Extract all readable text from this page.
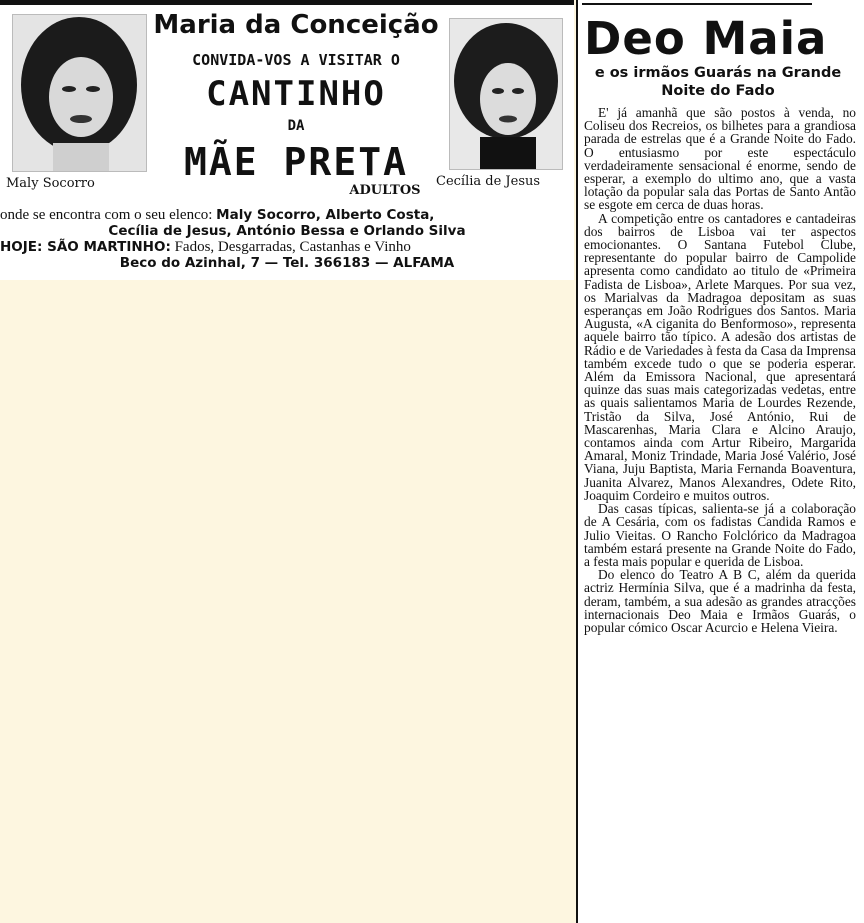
Maly Socorro	Cecília de Jesus
Maria da Conceição
CONVIDA-VOS A VISITAR O
CANTINHO
DA
MÃE PRETA
ADULTOS
onde se encontra com o seu elenco: Maly Socorro, Alberto Costa,
Cecília de Jesus, António Bessa e Orlando Silva
HOJE: SÃO MARTINHO: Fados, Desgarradas, Castanhas e Vinho
Beco do Azinhal, 7 — Tel. 366183 — ALFAMA
Deo Maia
e os irmãos Guarás na Grande Noite do Fado

E' já amanhã que são postos à venda, no Coliseu dos Recreios, os bilhetes para a grandiosa parada de estrelas que é a Grande Noite do Fado. O entusiasmo por este espectáculo verdadeiramente sensacional é enorme, sendo de esperar, a exemplo do ultimo ano, que a vasta lotação da popular sala das Portas de Santo Antão se esgote em cerca de duas horas.

A competição entre os cantadores e cantadeiras dos bairros de Lisboa vai ter aspectos emocionantes. O Santana Futebol Clube, representante do popular bairro de Campolide apresenta como candidato ao titulo de «Primeira Fadista de Lisboa», Arlete Marques. Por sua vez, os Marialvas da Madragoa depositam as suas esperanças em João Rodrigues dos Santos. Maria Augusta, «A ciganita do Benformoso», representa aquele bairro tão típico. A adesão dos artistas de Rádio e de Variedades à festa da Casa da Imprensa também excede tudo o que se poderia esperar. Além da Emissora Nacional, que apresentará quinze das suas mais categorizadas vedetas, entre as quais salientamos Maria de Lourdes Rezende, Tristão da Silva, José António, Rui de Mascarenhas, Maria Clara e Alcino Araujo, contamos ainda com Artur Ribeiro, Margarida Amaral, Moniz Trindade, Maria José Valério, José Viana, Juju Baptista, Maria Fernanda Boaventura, Juanita Alvarez, Manos Alexandres, Odete Rito, Joaquim Cordeiro e muitos outros.

Das casas típicas, salienta-se já a colaboração de A Cesária, com os fadistas Candida Ramos e Julio Vieitas. O Rancho Folclórico da Madragoa também estará presente na Grande Noite do Fado, a festa mais popular e querida de Lisboa.

Do elenco do Teatro A B C, além da querida actriz Hermínia Silva, que é a madrinha da festa, deram, também, a sua adesão as grandes atracções internacionais Deo Maia e Irmãos Guarás, o popular cómico Oscar Acurcio e Helena Vieira.
